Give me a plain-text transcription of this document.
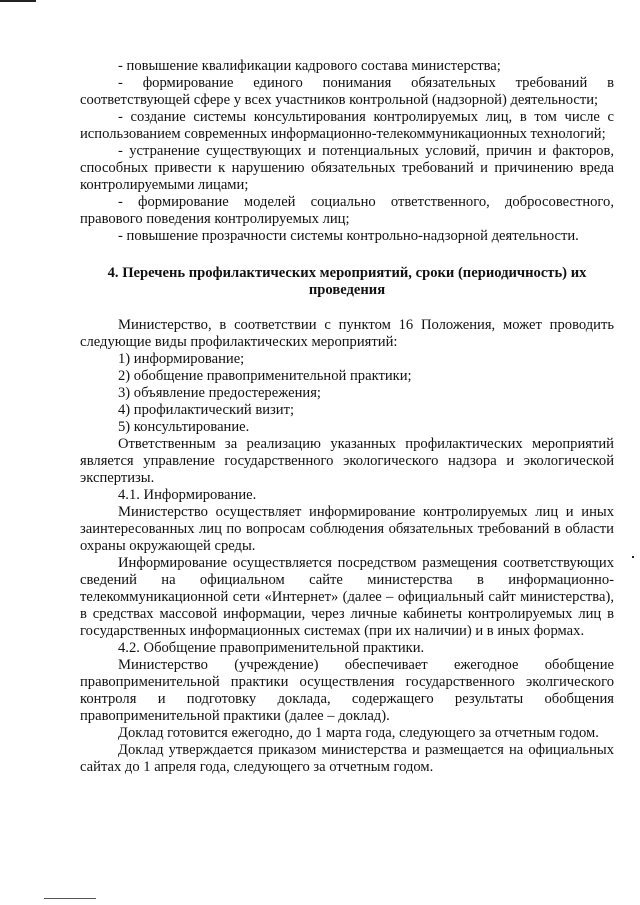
- повышение квалификации кадрового состава министерства;

- формирование единого понимания обязательных требований в соответствующей сфере у всех участников контрольной (надзорной) деятельности;

- создание системы консультирования контролируемых лиц, в том числе с использованием современных информационно-телекоммуникационных технологий;

- устранение существующих и потенциальных условий, причин и факторов, способных привести к нарушению обязательных требований и причинению вреда контролируемыми лицами;

- формирование моделей социально ответственного, добросовестного, правового поведения контролируемых лиц;

- повышение прозрачности системы контрольно-надзорной деятельности.

4. Перечень профилактических мероприятий, сроки (периодичность) их проведения

Министерство, в соответствии с пунктом 16 Положения, может проводить следующие виды профилактических мероприятий:

1) информирование;

2) обобщение правоприменительной практики;

3) объявление предостережения;

4) профилактический визит;

5) консультирование.

Ответственным за реализацию указанных профилактических мероприятий является управление государственного экологического надзора и экологической экспертизы.

4.1. Информирование.

Министерство осуществляет информирование контролируемых лиц и иных заинтересованных лиц по вопросам соблюдения обязательных требований в области охраны окружающей среды.

Информирование осуществляется посредством размещения соответствующих сведений на официальном сайте министерства в информационно-телекоммуникационной сети «Интернет» (далее – официальный сайт министерства), в средствах массовой информации, через личные кабинеты контролируемых лиц в государственных информационных системах (при их наличии) и в иных формах.

4.2. Обобщение правоприменительной практики.

Министерство (учреждение) обеспечивает ежегодное обобщение правоприменительной практики осуществления государственного эколгического контроля и подготовку доклада, содержащего результаты обобщения правоприменительной практики (далее – доклад).

Доклад готовится ежегодно, до 1 марта года, следующего за отчетным годом.

Доклад утверждается приказом министерства и размещается на официальных сайтах до 1 апреля года, следующего за отчетным годом.
